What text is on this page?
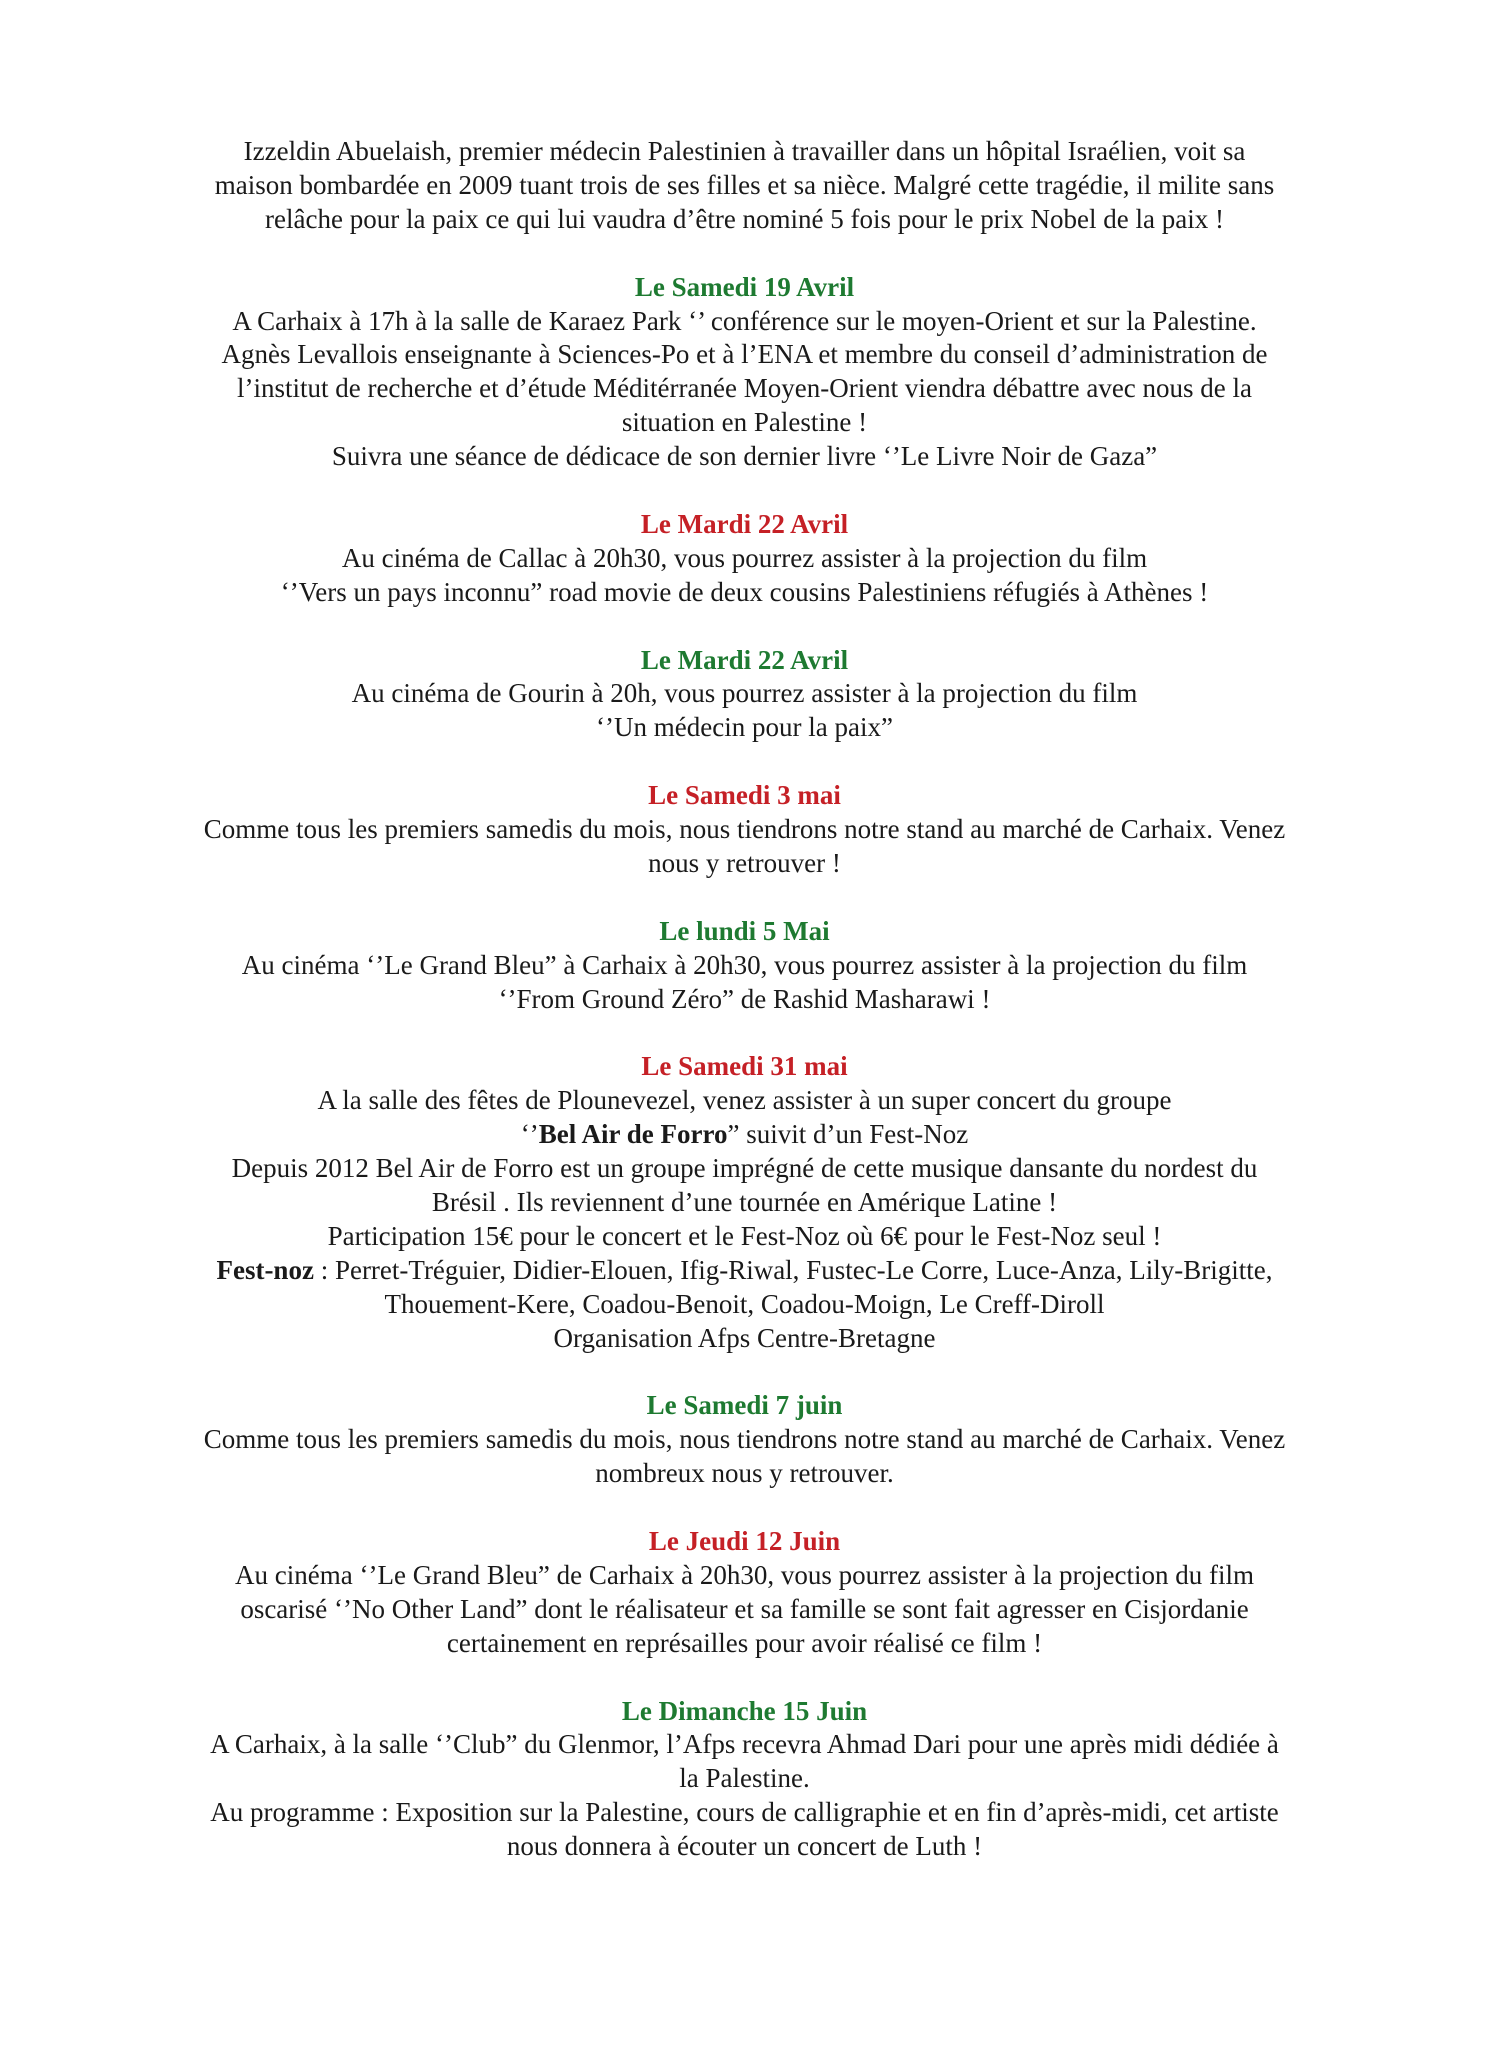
Izzeldin Abuelaish, premier médecin Palestinien à travailler dans un hôpital Israélien, voit sa
maison bombardée en 2009 tuant trois de ses filles et sa nièce. Malgré cette tragédie, il milite sans
relâche pour la paix ce qui lui vaudra d’être nominé 5 fois pour le prix Nobel de la paix !
Le Samedi 19 Avril
A Carhaix à 17h à la salle de Karaez Park ‘’ conférence sur le moyen-Orient et sur la Palestine.
Agnès Levallois enseignante à Sciences-Po et à l’ENA et membre du conseil d’administration de
l’institut de recherche et d’étude Méditérranée Moyen-Orient viendra débattre avec nous de la
situation en Palestine !
Suivra une séance de dédicace de son dernier livre ‘’Le Livre Noir de Gaza”
Le Mardi 22 Avril
Au cinéma de Callac à 20h30, vous pourrez assister à la projection du film
‘’Vers un pays inconnu” road movie de deux cousins Palestiniens réfugiés à Athènes !
Le Mardi 22 Avril
Au cinéma de Gourin à 20h, vous pourrez assister à la projection du film
‘’Un médecin pour la paix”
Le Samedi 3 mai
Comme tous les premiers samedis du mois, nous tiendrons notre stand au marché de Carhaix. Venez
nous y retrouver !
Le lundi 5 Mai
Au cinéma ‘’Le Grand Bleu” à Carhaix à 20h30, vous pourrez assister à la projection du film
‘’From Ground Zéro” de Rashid Masharawi !
Le Samedi 31 mai
A la salle des fêtes de Plounevezel, venez assister à un super concert du groupe
‘’Bel Air de Forro” suivit d’un Fest-Noz
Depuis 2012 Bel Air de Forro est un groupe imprégné de cette musique dansante du nordest du
Brésil . Ils reviennent d’une tournée en Amérique Latine !
Participation 15€ pour le concert et le Fest-Noz où 6€ pour le Fest-Noz seul !
Fest-noz : Perret-Tréguier, Didier-Elouen, Ifig-Riwal, Fustec-Le Corre, Luce-Anza, Lily-Brigitte,
Thouement-Kere, Coadou-Benoit, Coadou-Moign, Le Creff-Diroll
Organisation Afps Centre-Bretagne
Le Samedi 7 juin
Comme tous les premiers samedis du mois, nous tiendrons notre stand au marché de Carhaix. Venez
nombreux nous y retrouver.
Le Jeudi 12 Juin
Au cinéma ‘’Le Grand Bleu” de Carhaix à 20h30, vous pourrez assister à la projection du film
oscarisé ‘’No Other Land” dont le réalisateur et sa famille se sont fait agresser en Cisjordanie
certainement en représailles pour avoir réalisé ce film !
Le Dimanche 15 Juin
A Carhaix, à la salle ‘’Club” du Glenmor, l’Afps recevra Ahmad Dari pour une après midi dédiée à
la Palestine.
Au programme : Exposition sur la Palestine, cours de calligraphie et en fin d’après-midi, cet artiste
nous donnera à écouter un concert de Luth !
